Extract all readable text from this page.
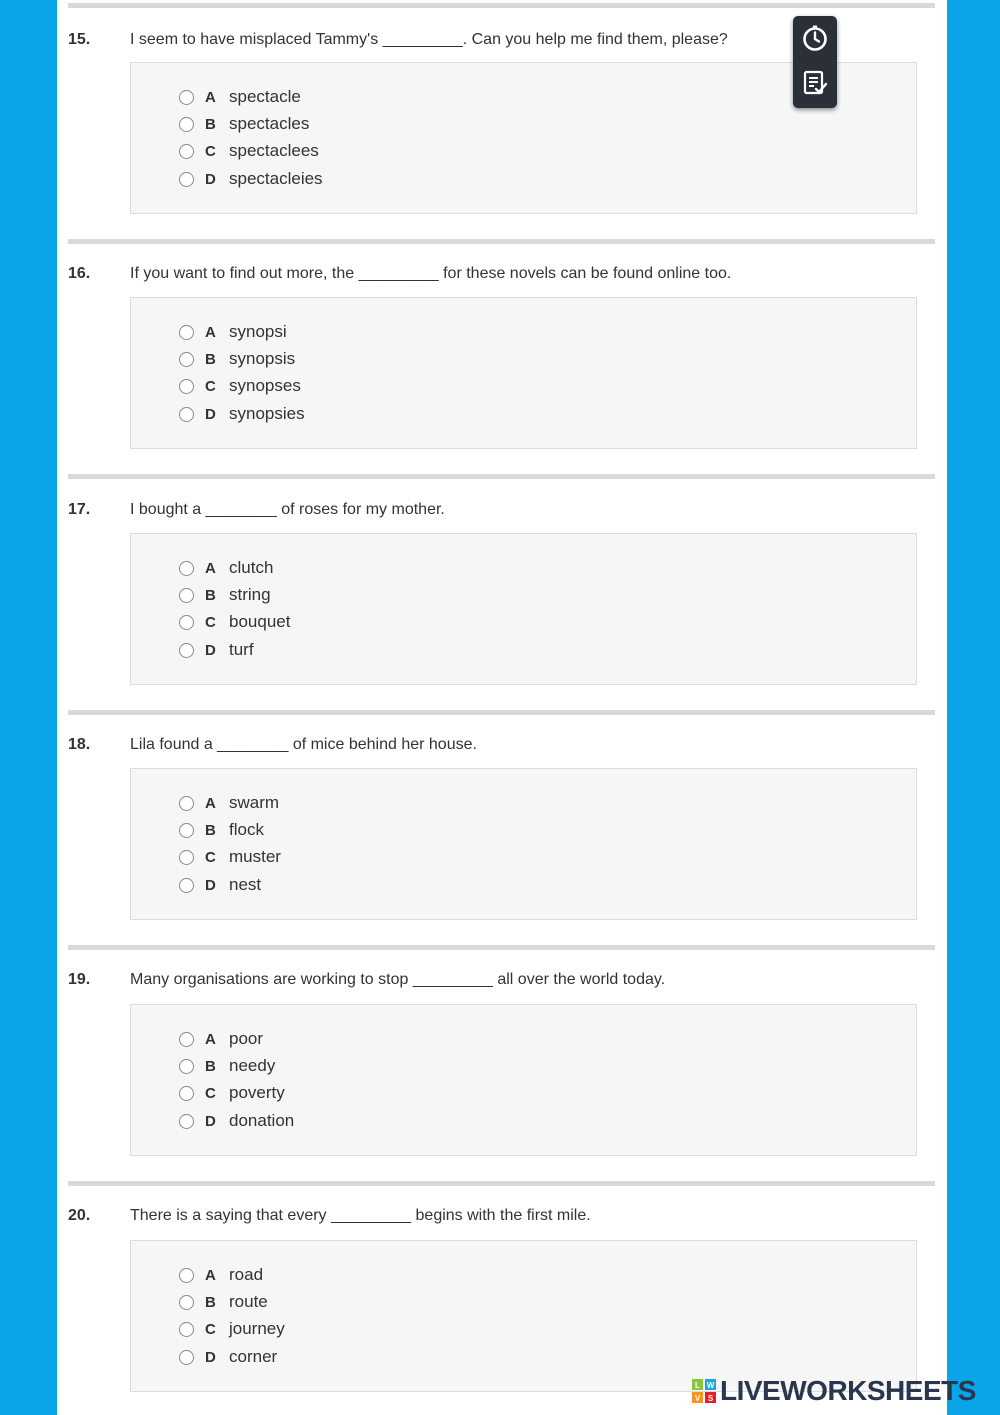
15. I seem to have misplaced Tammy's _________. Can you help me find them, please?
A spectacle
B spectacles
C spectaclees
D spectacleies
16. If you want to find out more, the _________ for these novels can be found online too.
A synopsi
B synopsis
C synopses
D synopsies
17. I bought a ________ of roses for my mother.
A clutch
B string
C bouquet
D turf
18. Lila found a ________ of mice behind her house.
A swarm
B flock
C muster
D nest
19. Many organisations are working to stop _________ all over the world today.
A poor
B needy
C poverty
D donation
20. There is a saying that every _________ begins with the first mile.
A road
B route
C journey
D corner
L W
V S LIVEWORKSHEETS
